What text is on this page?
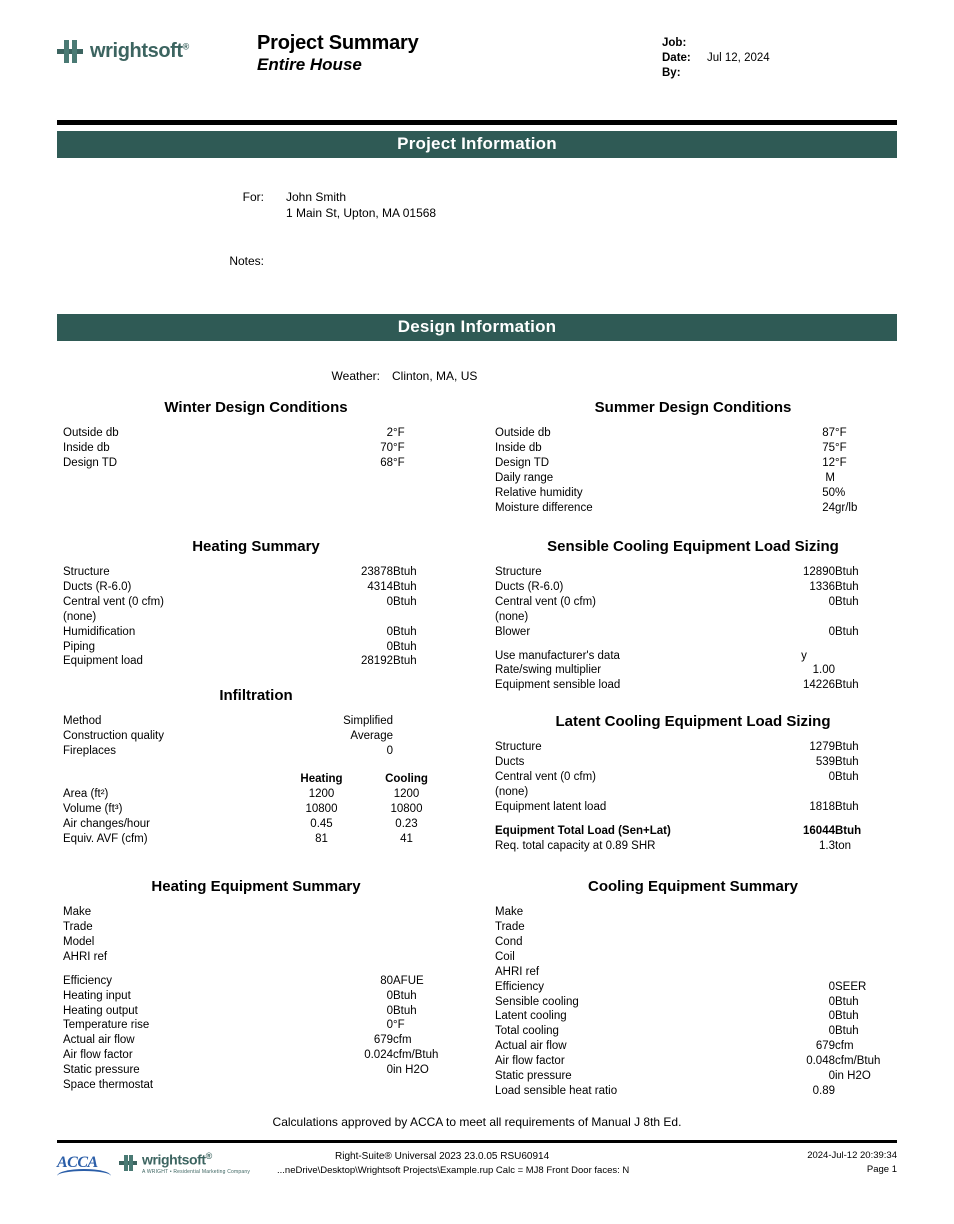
wrightsoft®	Project Summary
Entire House
Job:
Date:	Jul 12, 2024
By:
Project Information
For:	John Smith
1 Main St, Upton, MA 01568
Notes:
Design Information
Weather:	Clinton, MA, US
Winter Design Conditions
Outside db	2	°F
Inside db	70	°F
Design TD	68	°F
Summer Design Conditions
Outside db	87	°F
Inside db	75	°F
Design TD	12	°F
Daily range	M	
Relative humidity	50	%
Moisture difference	24	gr/lb
Heating Summary
Structure	23878	Btuh
Ducts (R-6.0)	4314	Btuh
Central vent (0 cfm)	0	Btuh
(none)		
Humidification	0	Btuh
Piping	0	Btuh
Equipment load	28192	Btuh
Infiltration
Method	Simplified	
Construction quality	Average	
Fireplaces	0	
	Heating	Cooling
Area (ft²)	1200	1200
Volume (ft³)	10800	10800
Air changes/hour	0.45	0.23
Equiv. AVF (cfm)	81	41
Sensible Cooling Equipment Load Sizing
Structure	12890	Btuh
Ducts (R-6.0)	1336	Btuh
Central vent (0 cfm)	0	Btuh
(none)		
Blower	0	Btuh

Use manufacturer's data	y	
Rate/swing multiplier	1.00	
Equipment sensible load	14226	Btuh
Latent Cooling Equipment Load Sizing
Structure	1279	Btuh
Ducts	539	Btuh
Central vent (0 cfm)	0	Btuh
(none)		
Equipment latent load	1818	Btuh

Equipment Total Load (Sen+Lat)	16044	Btuh
Req. total capacity at 0.89 SHR	1.3	ton
Heating Equipment Summary
Make		
Trade		
Model		
AHRI ref		

Efficiency	80	AFUE
Heating input	0	Btuh
Heating output	0	Btuh
Temperature rise	0	°F
Actual air flow	679	cfm
Air flow factor	0.024	cfm/Btuh
Static pressure	0	in H2O
Space thermostat		
Cooling Equipment Summary
Make		
Trade		
Cond		
Coil		
AHRI ref		
Efficiency	0	SEER
Sensible cooling	0	Btuh
Latent cooling	0	Btuh
Total cooling	0	Btuh
Actual air flow	679	cfm
Air flow factor	0.048	cfm/Btuh
Static pressure	0	in H2O
Load sensible heat ratio	0.89	
Calculations approved by ACCA to meet all requirements of Manual J 8th Ed.
ACCA	wrightsoft®
A WRIGHT • Residential Marketing Company
Right-Suite® Universal 2023 23.0.05 RSU60914
...neDrive\Desktop\Wrightsoft Projects\Example.rup Calc = MJ8 Front Door faces: N
2024-Jul-12 20:39:34
Page 1
